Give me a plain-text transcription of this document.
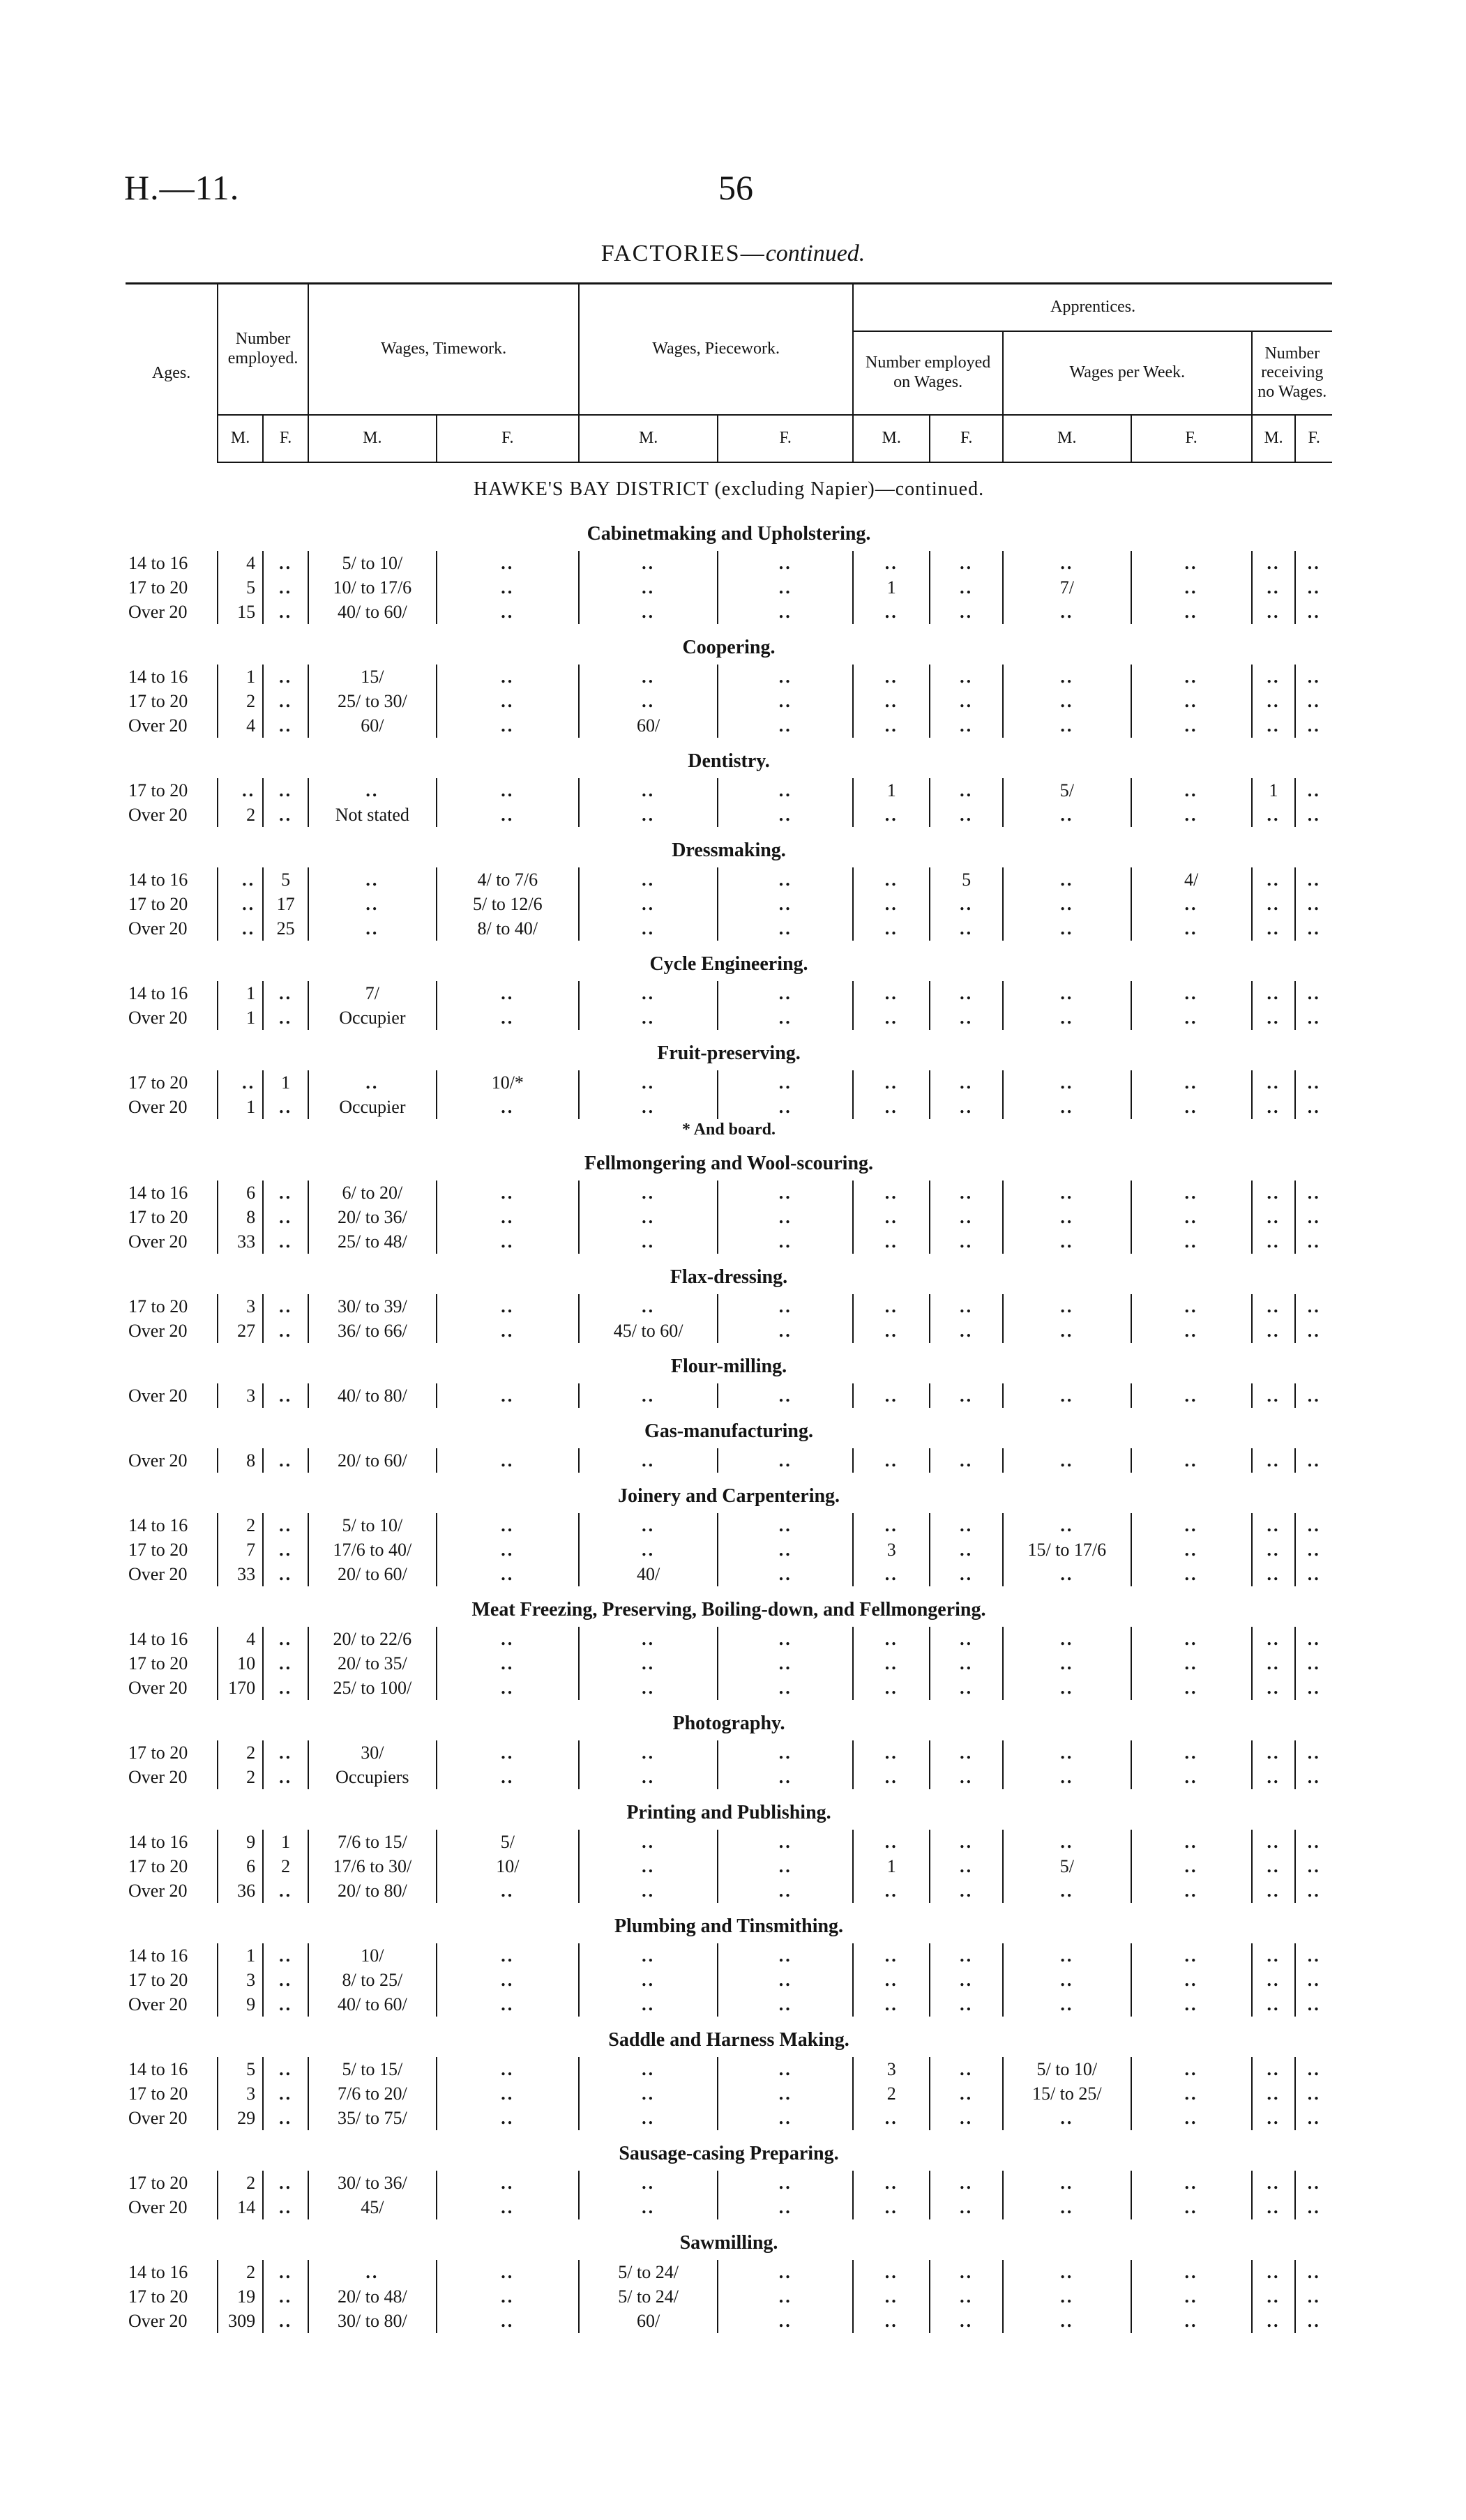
H.—11.	56
FACTORIES—continued.
Ages.	Number employed.		Wages, Timework.		Wages, Piecework.		Apprentices.					
							Number employed on Wages.		Wages per Week.		Number receiving no Wages.	
	M.	F.	M.	F.	M.	F.	M.	F.	M.	F.	M.	F.
HAWKE'S BAY DISTRICT (excluding Napier)—continued.												
Cabinetmaking and Upholstering.												
14 to 16	4	..	5/ to 10/	..	..	..	..	..	..	..	..	..
17 to 20	5	..	10/ to 17/6	..	..	..	1	..	7/	..	..	..
Over 20	15	..	40/ to 60/	..	..	..	..	..	..	..	..	..
Coopering.												
14 to 16	1	..	15/	..	..	..	..	..	..	..	..	..
17 to 20	2	..	25/ to 30/	..	..	..	..	..	..	..	..	..
Over 20	4	..	60/	..	60/	..	..	..	..	..	..	..
Dentistry.												
17 to 20	..	..	..	..	..	..	1	..	5/	..	1	..
Over 20	2	..	Not stated	..	..	..	..	..	..	..	..	..
Dressmaking.												
14 to 16	..	5	..	4/ to 7/6	..	..	..	5	..	4/	..	..
17 to 20	..	17	..	5/ to 12/6	..	..	..	..	..	..	..	..
Over 20	..	25	..	8/ to 40/	..	..	..	..	..	..	..	..
Cycle Engineering.												
14 to 16	1	..	7/	..	..	..	..	..	..	..	..	..
Over 20	1	..	Occupier	..	..	..	..	..	..	..	..	..
Fruit-preserving.												
17 to 20	..	1	..	10/*	..	..	..	..	..	..	..	..
Over 20	1	..	Occupier	..	..	..	..	..	..	..	..	..
* And board.												
Fellmongering and Wool-scouring.												
14 to 16	6	..	6/ to 20/	..	..	..	..	..	..	..	..	..
17 to 20	8	..	20/ to 36/	..	..	..	..	..	..	..	..	..
Over 20	33	..	25/ to 48/	..	..	..	..	..	..	..	..	..
Flax-dressing.												
17 to 20	3	..	30/ to 39/	..	..	..	..	..	..	..	..	..
Over 20	27	..	36/ to 66/	..	45/ to 60/	..	..	..	..	..	..	..
Flour-milling.												
Over 20	3	..	40/ to 80/	..	..	..	..	..	..	..	..	..
Gas-manufacturing.												
Over 20	8	..	20/ to 60/	..	..	..	..	..	..	..	..	..
Joinery and Carpentering.												
14 to 16	2	..	5/ to 10/	..	..	..	..	..	..	..	..	..
17 to 20	7	..	17/6 to 40/	..	..	..	3	..	15/ to 17/6	..	..	..
Over 20	33	..	20/ to 60/	..	40/	..	..	..	..	..	..	..
Meat Freezing, Preserving, Boiling-down, and Fellmongering.												
14 to 16	4	..	20/ to 22/6	..	..	..	..	..	..	..	..	..
17 to 20	10	..	20/ to 35/	..	..	..	..	..	..	..	..	..
Over 20	170	..	25/ to 100/	..	..	..	..	..	..	..	..	..
Photography.												
17 to 20	2	..	30/	..	..	..	..	..	..	..	..	..
Over 20	2	..	Occupiers	..	..	..	..	..	..	..	..	..
Printing and Publishing.												
14 to 16	9	1	7/6 to 15/	5/	..	..	..	..	..	..	..	..
17 to 20	6	2	17/6 to 30/	10/	..	..	1	..	5/	..	..	..
Over 20	36	..	20/ to 80/	..	..	..	..	..	..	..	..	..
Plumbing and Tinsmithing.												
14 to 16	1	..	10/	..	..	..	..	..	..	..	..	..
17 to 20	3	..	8/ to 25/	..	..	..	..	..	..	..	..	..
Over 20	9	..	40/ to 60/	..	..	..	..	..	..	..	..	..
Saddle and Harness Making.												
14 to 16	5	..	5/ to 15/	..	..	..	3	..	5/ to 10/	..	..	..
17 to 20	3	..	7/6 to 20/	..	..	..	2	..	15/ to 25/	..	..	..
Over 20	29	..	35/ to 75/	..	..	..	..	..	..	..	..	..
Sausage-casing Preparing.												
17 to 20	2	..	30/ to 36/	..	..	..	..	..	..	..	..	..
Over 20	14	..	45/	..	..	..	..	..	..	..	..	..
Sawmilling.												
14 to 16	2	..	..	..	5/ to 24/	..	..	..	..	..	..	..
17 to 20	19	..	20/ to 48/	..	5/ to 24/	..	..	..	..	..	..	..
Over 20	309	..	30/ to 80/	..	60/	..	..	..	..	..	..	..
